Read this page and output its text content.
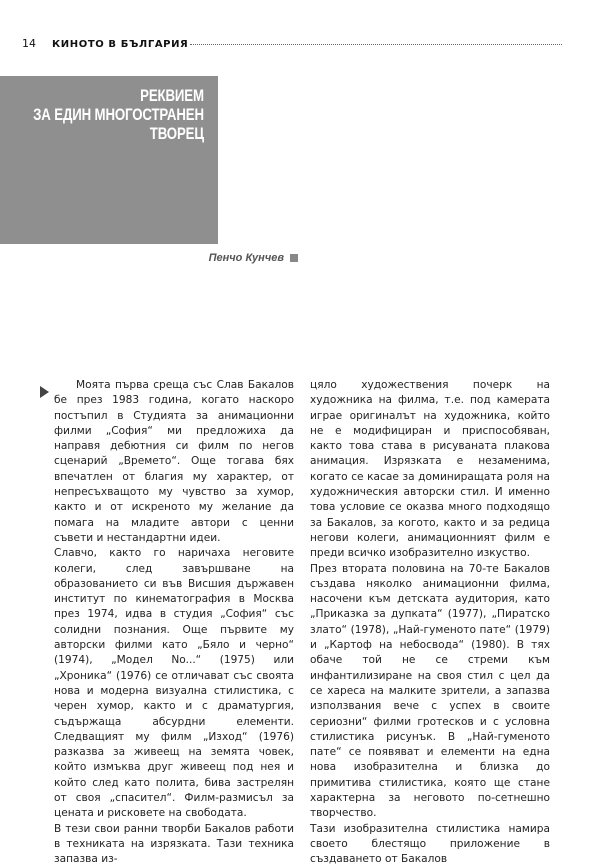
14 КИНОТО В БЪЛГАРИЯ
РЕКВИЕМ
ЗА ЕДИН МНОГОСТРАНЕН
ТВОРЕЦ
Пенчо Кунчев

Моята първа среща със Слав Бакалов бе през 1983 година, когато наскоро постъпил в Студията за анимационни филми „София“ ми предложиха да направя дебютния си филм по негов сценарий „Времето“. Още тогава бях впечатлен от благия му характер, от непресъхващото му чувство за хумор, както и от искреното му желание да помага на младите автори с ценни съвети и нестандартни идеи.

Славчо, както го наричаха неговите колеги, след завършване на образованието си във Висшия държавен институт по кинематография в Москва през 1974, идва в студия „София“ със солидни познания. Още първите му авторски филми като „Бяло и черно“ (1974), „Модел No...“ (1975) или „Хроника“ (1976) се отличават със своята нова и модерна визуална стилистика, с черен хумор, както и с драматургия, съдържаща абсурдни елементи. Следващият му филм „Изход“ (1976) разказва за живеещ на земята човек, който измъква друг живеещ под нея и който след като полита, бива застрелян от своя „спасител“. Филм-размисъл за цената и рисковете на свободата.

В тези свои ранни творби Бакалов работи в техниката на изрязката. Тази техника запазва из-

цяло художествения почерк на художника на филма, т.е. под камерата играе оригиналът на художника, който не е модифициран и приспособяван, както това става в рисуваната плакова анимация. Изрязката е незаменима, когато се касае за доминиращата роля на художническия авторски стил. И именно това условие се оказва много подходящо за Бакалов, за когото, както и за редица негови колеги, анимационният филм е преди всичко изобразително изкуство.

През втората половина на 70-те Бакалов създава няколко анимационни филма, насочени към детската аудитория, като „Приказка за дупката“ (1977), „Пиратско злато“ (1978), „Най-гуменото пате“ (1979) и „Картоф на небосвода“ (1980). В тях обаче той не се стреми към инфантилизиране на своя стил с цел да се хареса на малките зрители, а запазва използвания вече с успех в своите сериозни“ филми гротесков и с условна стилистика рисунък. В „Най-гуменото пате“ се появяват и елементи на една нова изобразителна и близка до примитива стилистика, която ще стане характерна за неговото по-сетнешно творчество.

Тази изобразителна стилистика намира своето блестящо приложение в създаването от Бакалов
